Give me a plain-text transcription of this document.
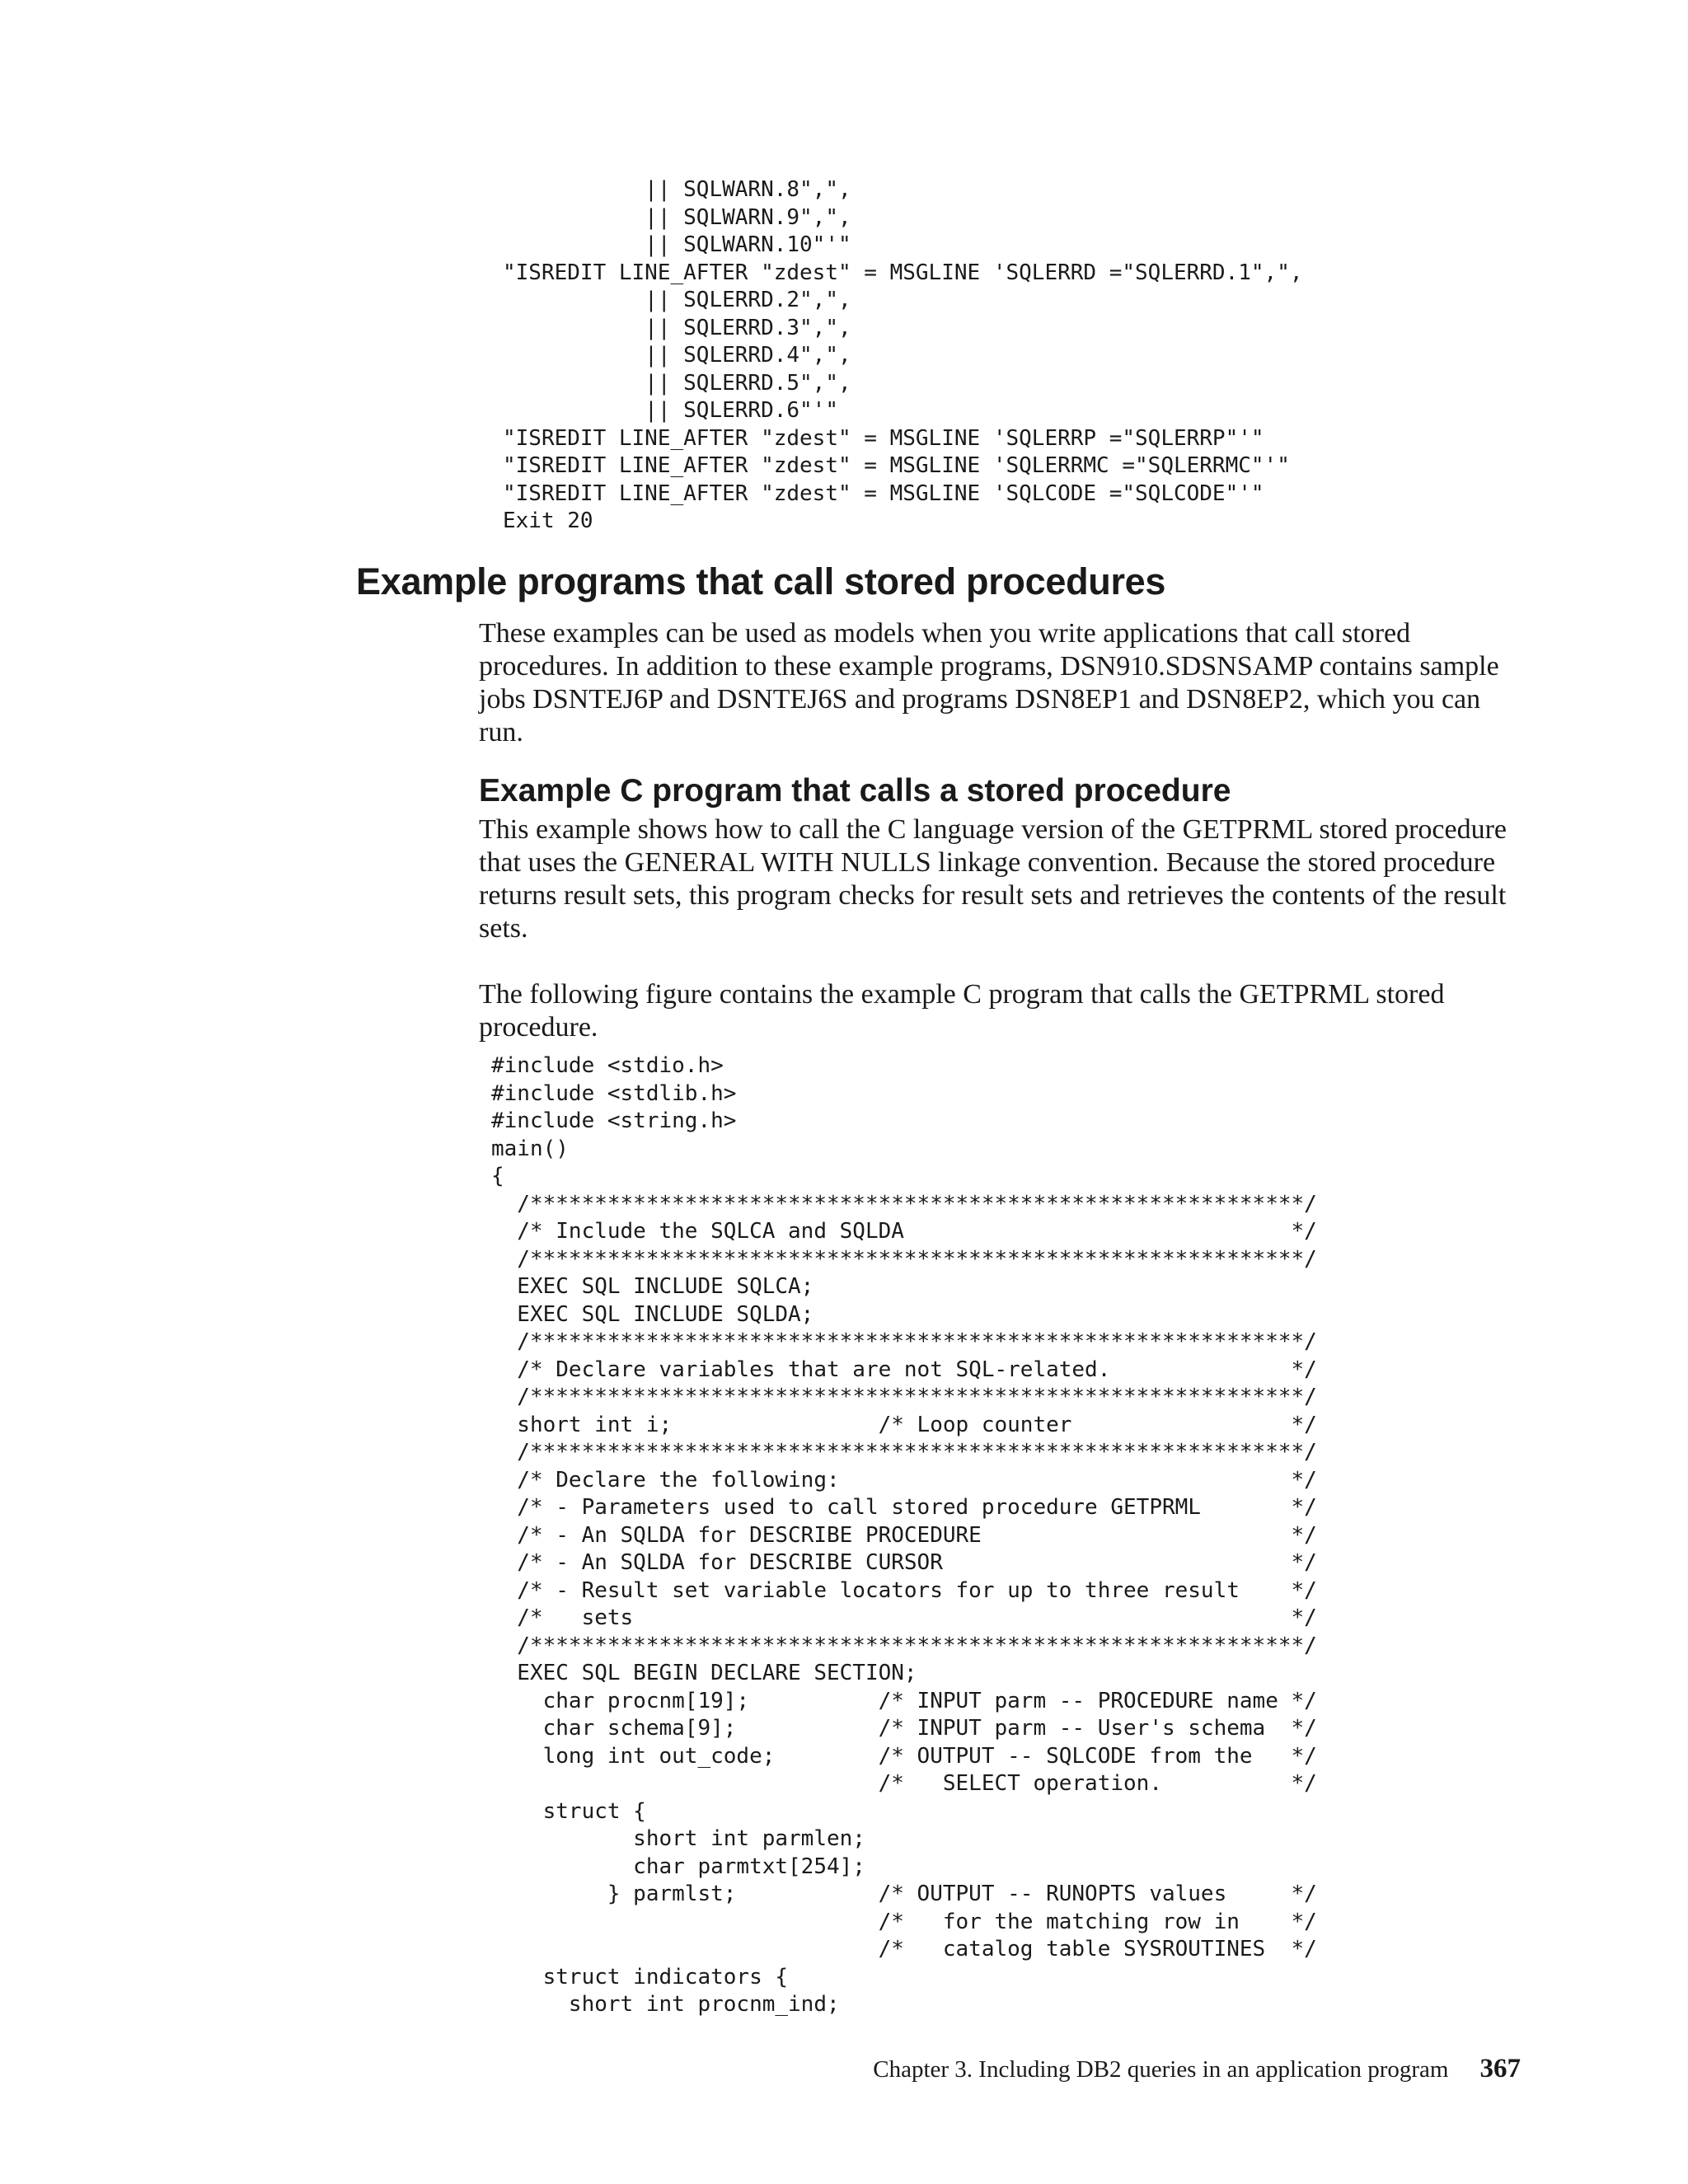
|| SQLWARN.8",",
|| SQLWARN.9",",
|| SQLWARN.10"'"
"ISREDIT LINE_AFTER "zdest" = MSGLINE 'SQLERRD ="SQLERRD.1",",
|| SQLERRD.2",",
|| SQLERRD.3",",
|| SQLERRD.4",",
|| SQLERRD.5",",
|| SQLERRD.6"'"
"ISREDIT LINE_AFTER "zdest" = MSGLINE 'SQLERRP ="SQLERRP"'"
"ISREDIT LINE_AFTER "zdest" = MSGLINE 'SQLERRMC ="SQLERRMC"'"
"ISREDIT LINE_AFTER "zdest" = MSGLINE 'SQLCODE ="SQLCODE"'"
Exit 20
Example programs that call stored procedures

These examples can be used as models when you write applications that call stored procedures. In addition to these example programs, DSN910.SDSNSAMP contains sample jobs DSNTEJ6P and DSNTEJ6S and programs DSN8EP1 and DSN8EP2, which you can run.

Example C program that calls a stored procedure

This example shows how to call the C language version of the GETPRML stored procedure that uses the GENERAL WITH NULLS linkage convention. Because the stored procedure returns result sets, this program checks for result sets and retrieves the contents of the result sets.

The following figure contains the example C program that calls the GETPRML stored procedure.

#include <stdio.h>
#include <stdlib.h>
#include <string.h>
main()
{
/************************************************************/
/* Include the SQLCA and SQLDA                              */
/************************************************************/
EXEC SQL INCLUDE SQLCA;
EXEC SQL INCLUDE SQLDA;
/************************************************************/
/* Declare variables that are not SQL-related.              */
/************************************************************/
short int i;                /* Loop counter                 */
/************************************************************/
/* Declare the following:                                   */
/* - Parameters used to call stored procedure GETPRML       */
/* - An SQLDA for DESCRIBE PROCEDURE                        */
/* - An SQLDA for DESCRIBE CURSOR                           */
/* - Result set variable locators for up to three result    */
/*   sets                                                   */
/************************************************************/
EXEC SQL BEGIN DECLARE SECTION;
char procnm[19];          /* INPUT parm -- PROCEDURE name */
char schema[9];           /* INPUT parm -- User's schema  */
long int out_code;        /* OUTPUT -- SQLCODE from the   */
/*   SELECT operation.          */
struct {
short int parmlen;
char parmtxt[254];
} parmlst;           /* OUTPUT -- RUNOPTS values     */
/*   for the matching row in    */
/*   catalog table SYSROUTINES  */
struct indicators {
short int procnm_ind;
Chapter 3. Including DB2 queries in an application program 367
